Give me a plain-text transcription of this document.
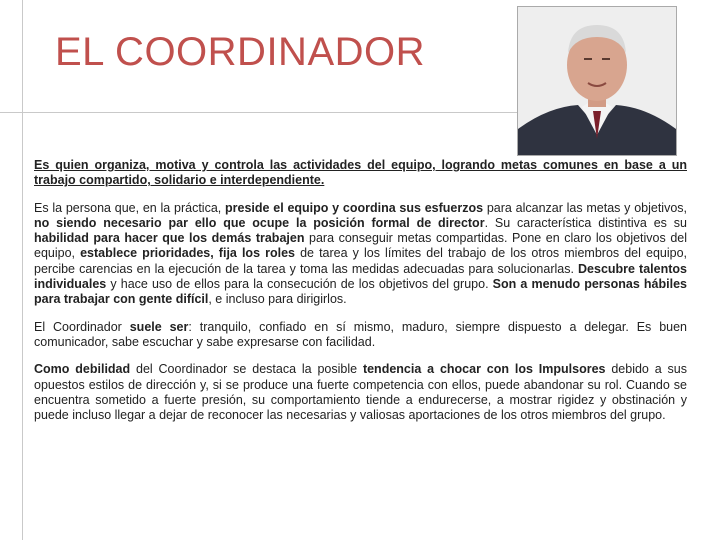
EL COORDINADOR

Es quien organiza, motiva y controla las actividades del equipo, logrando metas comunes en base a un trabajo compartido, solidario e interdependiente.

Es la persona que, en la práctica, preside el equipo y coordina sus esfuerzos para alcanzar las metas y objetivos, no siendo necesario par ello que ocupe la posición formal de director. Su característica distintiva es su habilidad para hacer que los demás trabajen para conseguir metas compartidas. Pone en claro los objetivos del equipo, establece prioridades, fija los roles de tarea y los límites del trabajo de los otros miembros del equipo, percibe carencias en la ejecución de la tarea y toma las medidas adecuadas para solucionarlas. Descubre talentos individuales y hace uso de ellos para la consecución de los objetivos del grupo. Son a menudo personas hábiles para trabajar con gente difícil, e incluso para dirigirlos.

El Coordinador suele ser: tranquilo, confiado en sí mismo, maduro, siempre dispuesto a delegar. Es buen comunicador, sabe escuchar y sabe expresarse con facilidad.

Como debilidad del Coordinador se destaca la posible tendencia a chocar con los Impulsores debido a sus opuestos estilos de dirección y, si se produce una fuerte competencia con ellos, puede abandonar su rol. Cuando se encuentra sometido a fuerte presión, su comportamiento tiende a endurecerse, a mostrar rigidez y obstinación y puede incluso llegar a dejar de reconocer las necesarias y valiosas aportaciones de los otros miembros del grupo.
